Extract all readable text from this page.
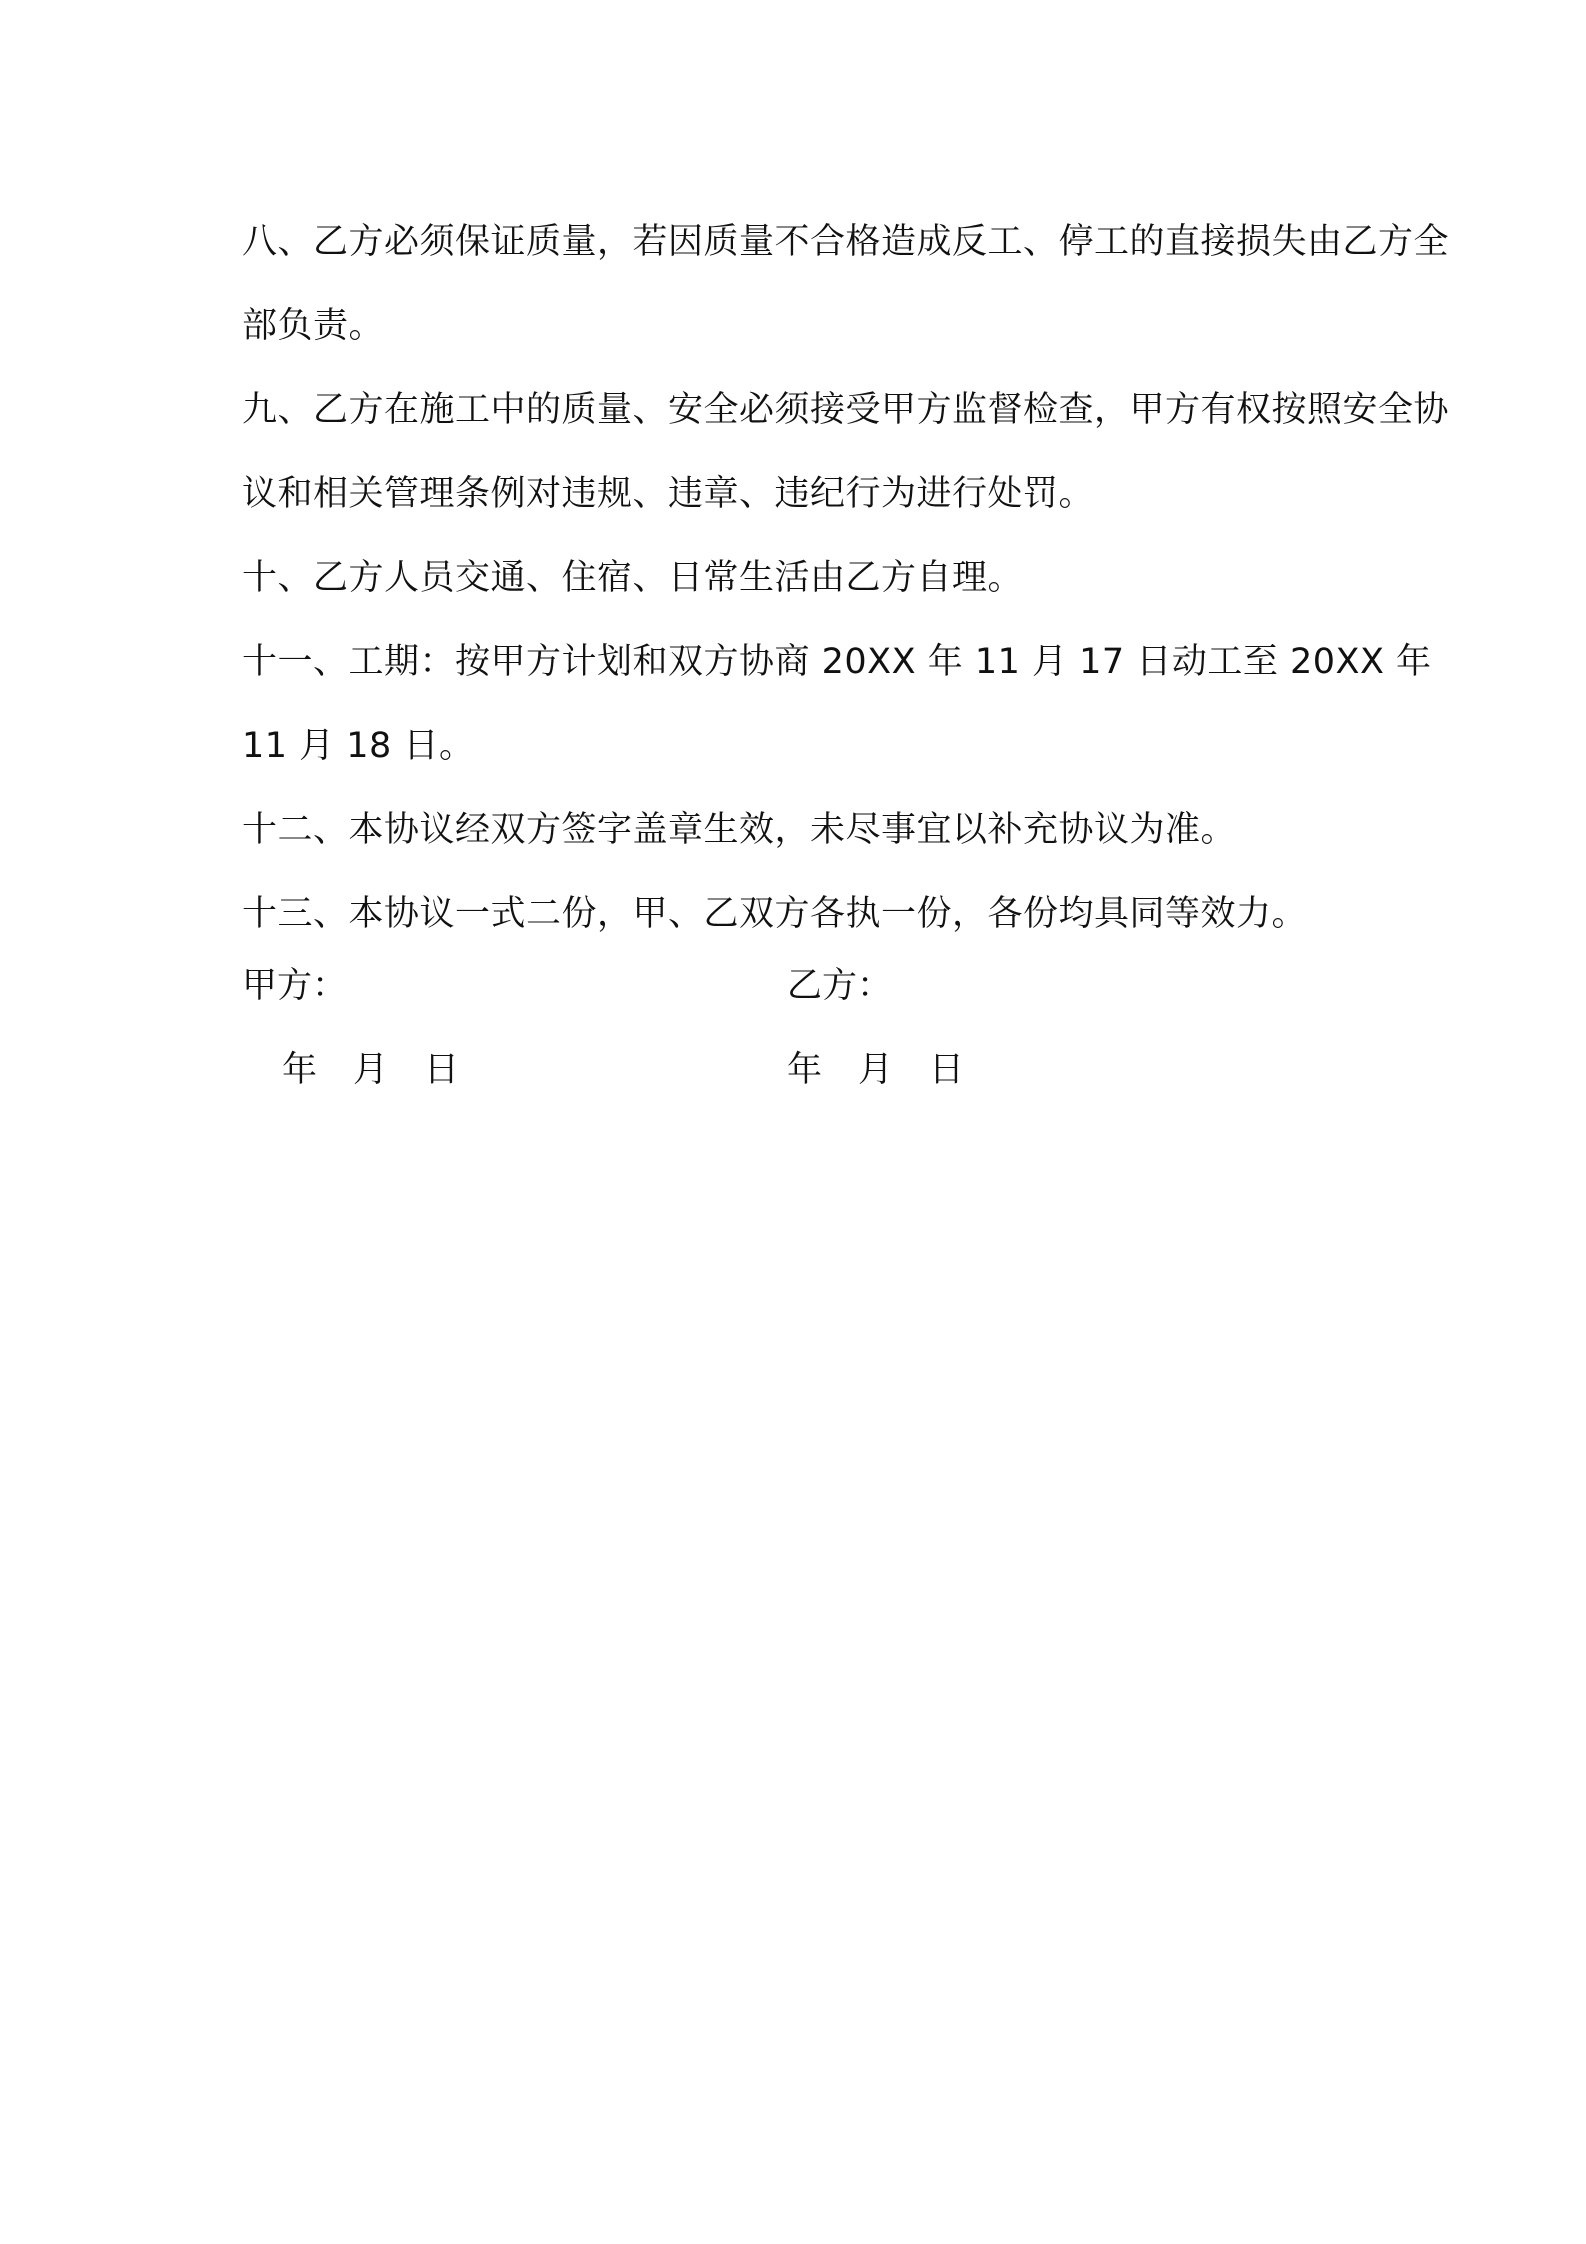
八、乙方必须保证质量，若因质量不合格造成反工、停工的直接损失由乙方全部负责。

九、乙方在施工中的质量、安全必须接受甲方监督检查，甲方有权按照安全协议和相关管理条例对违规、违章、违纪行为进行处罚。

十、乙方人员交通、住宿、日常生活由乙方自理。

十一、工期：按甲方计划和双方协商 20XX 年 11 月 17 日动工至 20XX 年 11 月 18 日。

十二、本协议经双方签字盖章生效，未尽事宜以补充协议为准。

十三、本协议一式二份，甲、乙双方各执一份，各份均具同等效力。

甲方：	乙方：
年 月 日	年 月 日
